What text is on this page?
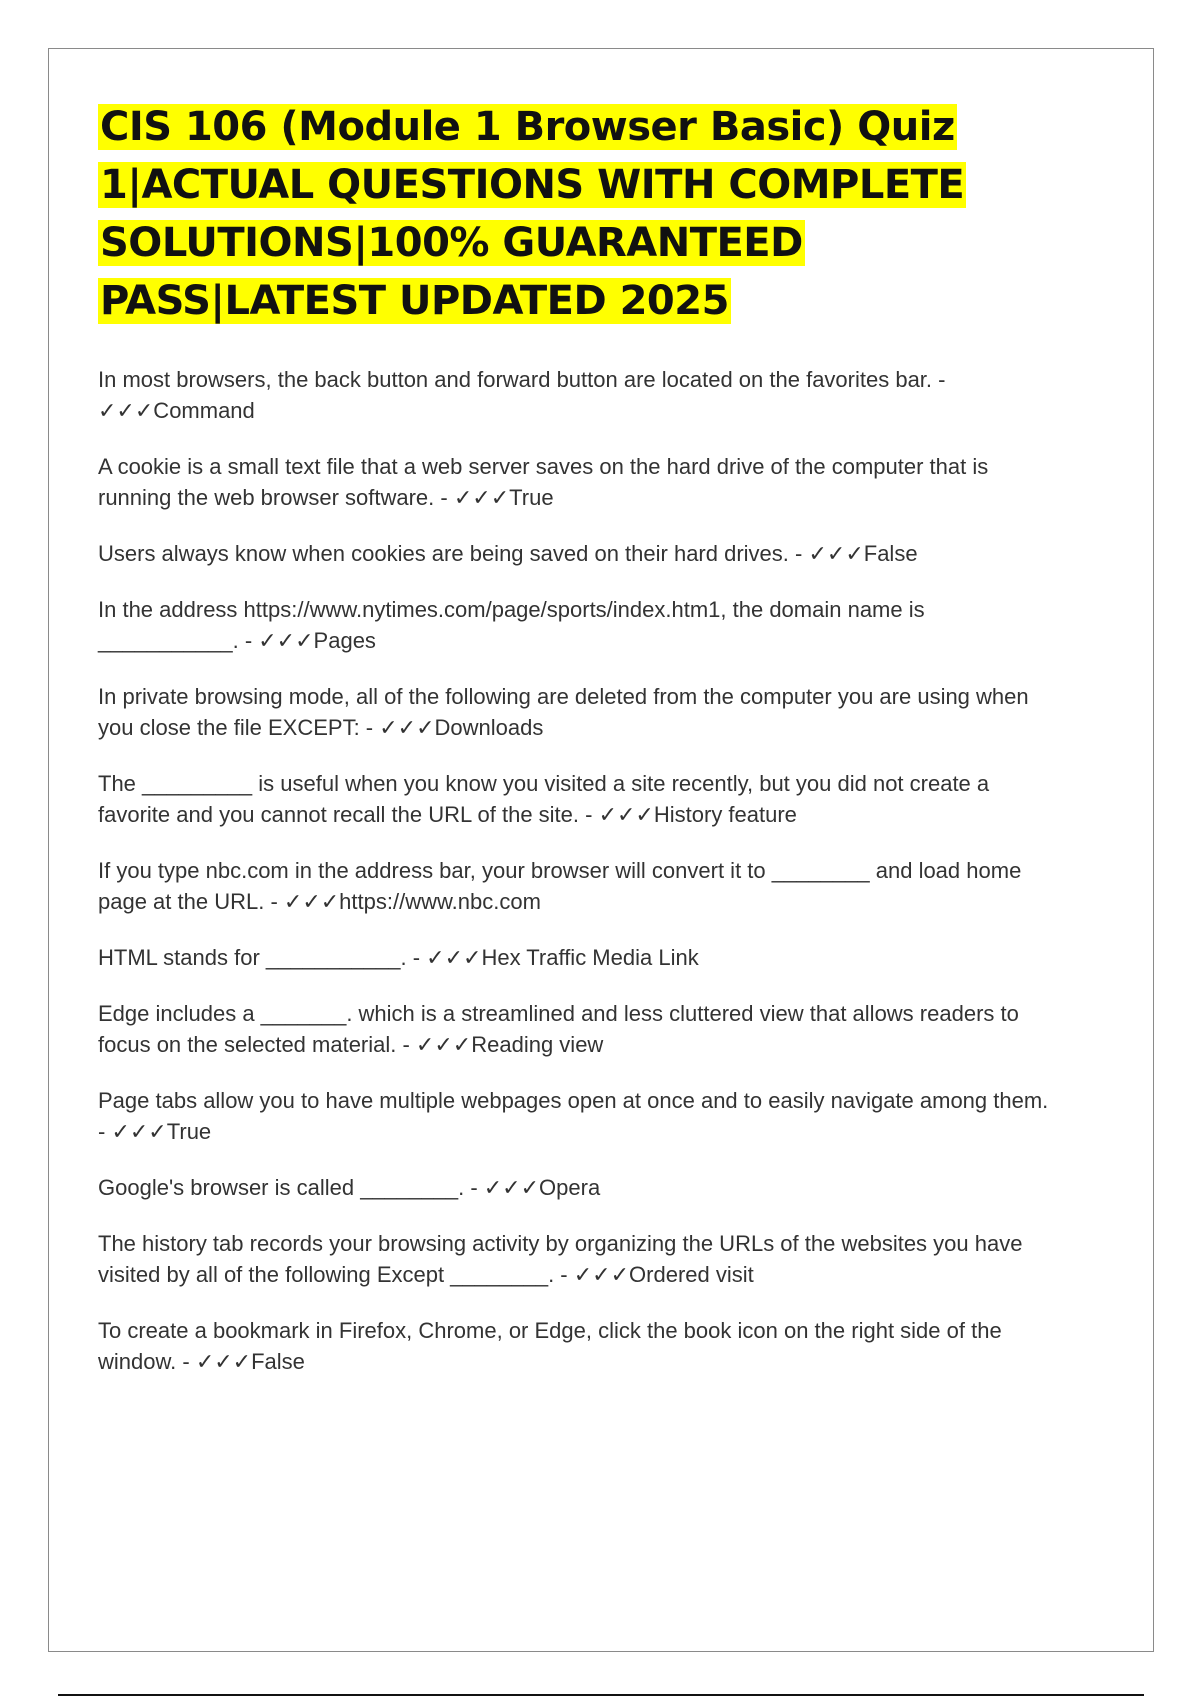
CIS 106 (Module 1 Browser Basic) Quiz
1|ACTUAL QUESTIONS WITH COMPLETE
SOLUTIONS|100% GUARANTEED
PASS|LATEST UPDATED 2025

In most browsers, the back button and forward button are located on the favorites bar. - ✓✓✓Command

A cookie is a small text file that a web server saves on the hard drive of the computer that is running the web browser software. - ✓✓✓True

Users always know when cookies are being saved on their hard drives. - ✓✓✓False

In the address https://www.nytimes.com/page/sports/index.htm1, the domain name is ___________. - ✓✓✓Pages

In private browsing mode, all of the following are deleted from the computer you are using when you close the file EXCEPT: - ✓✓✓Downloads

The _________ is useful when you know you visited a site recently, but you did not create a favorite and you cannot recall the URL of the site. - ✓✓✓History feature

If you type nbc.com in the address bar, your browser will convert it to ________ and load home page at the URL. - ✓✓✓https://www.nbc.com

HTML stands for ___________. - ✓✓✓Hex Traffic Media Link

Edge includes a _______. which is a streamlined and less cluttered view that allows readers to focus on the selected material. - ✓✓✓Reading view

Page tabs allow you to have multiple webpages open at once and to easily navigate among them. - ✓✓✓True

Google's browser is called ________. - ✓✓✓Opera

The history tab records your browsing activity by organizing the URLs of the websites you have visited by all of the following Except ________. - ✓✓✓Ordered visit

To create a bookmark in Firefox, Chrome, or Edge, click the book icon on the right side of the window. - ✓✓✓False
